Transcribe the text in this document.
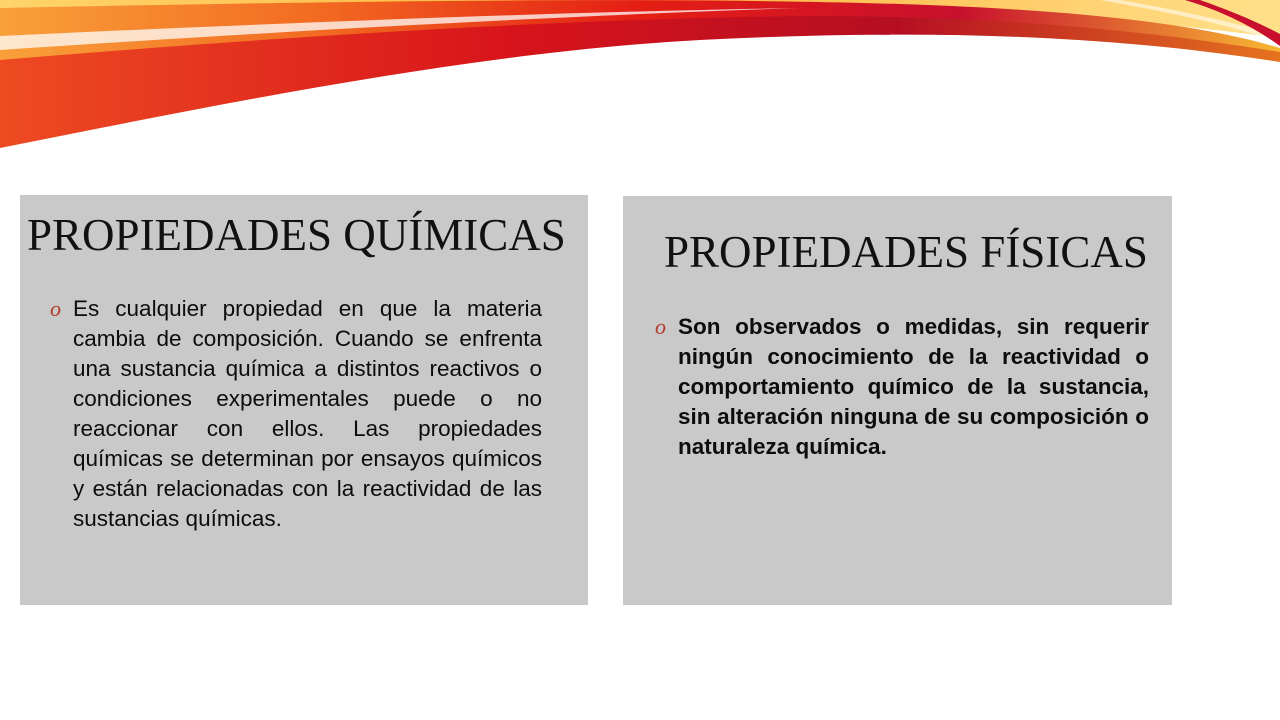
PROPIEDADES QUÍMICAS
o Es cualquier propiedad en que la materia cambia de composición. Cuando se enfrenta una sustancia química a distintos reactivos o condiciones experimentales puede o no reaccionar con ellos. Las propiedades químicas se determinan por ensayos químicos y están relacionadas con la reactividad de las sustancias químicas.

PROPIEDADES FÍSICAS
o Son observados o medidas, sin requerir ningún conocimiento de la reactividad o comportamiento químico de la sustancia, sin alteración ninguna de su composición o naturaleza química.
